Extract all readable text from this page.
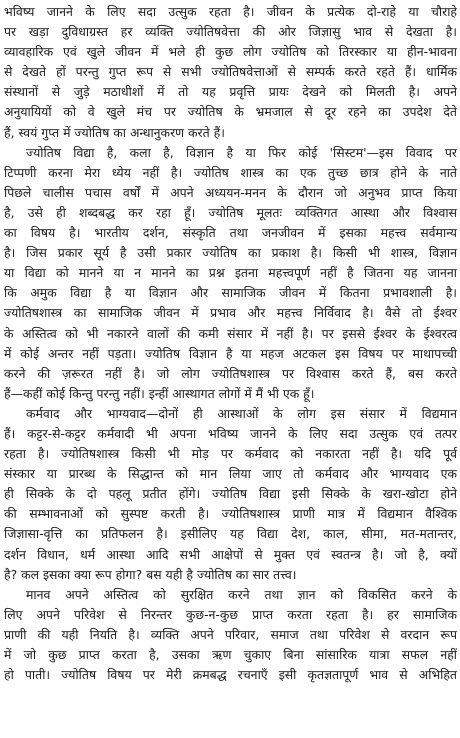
भविष्य जानने के लिए सदा उत्सुक रहता है। जीवन के प्रत्येक दो-राहे या चौराहे
पर खड़ा दुविधाग्रस्त हर व्यक्ति ज्योतिषवेत्ता की ओर जिज्ञासु भाव से देखता है।
व्यावहारिक एवं खुले जीवन में भले ही कुछ लोग ज्योतिष को तिरस्कार या हीन-भावना
से देखते हों परन्तु गुप्त रूप से सभी ज्योतिषवेत्ताओं से सम्पर्क करते रहते हैं। धार्मिक
संस्थानों से जुड़े मठाधीशों में तो यह प्रवृत्ति प्रायः देखने को मिलती है। अपने
अनुयायियों को वे खुले मंच पर ज्योतिष के भ्रमजाल से दूर रहने का उपदेश देते
हैं, स्वयं गुप्त में ज्योतिष का अन्धानुकरण करते हैं।
ज्योतिष विद्या है, कला है, विज्ञान है या फिर कोई 'सिस्टम'—इस विवाद पर
टिप्पणी करना मेरा ध्येय नहीं है। ज्योतिष शास्त्र का एक तुच्छ छात्र होने के नाते
पिछले चालीस पचास वर्षों में अपने अध्ययन-मनन के दौरान जो अनुभव प्राप्त किया
है, उसे ही शब्दबद्ध कर रहा हूँ। ज्योतिष मूलतः व्यक्तिगत आस्था और विश्वास
का विषय है। भारतीय दर्शन, संस्कृति तथा जनजीवन में इसका महत्त्व सर्वमान्य
है। जिस प्रकार सूर्य है उसी प्रकार ज्योतिष का प्रकाश है। किसी भी शास्त्र, विज्ञान
या विद्या को मानने या न मानने का प्रश्न इतना महत्त्वपूर्ण नहीं है जितना यह जानना
कि अमुक विद्या है या विज्ञान और सामाजिक जीवन में कितना प्रभावशाली है।
ज्योतिषशास्त्र का सामाजिक जीवन में प्रभाव और महत्त्व निर्विवाद है। वैसे तो ईश्वर
के अस्तित्व को भी नकारने वालों की कमी संसार में नहीं है। पर इससे ईश्वर के ईश्वरत्व
में कोई अन्तर नहीं पड़ता। ज्योतिष विज्ञान है या महज अटकल इस विषय पर माथापच्ची
करने की ज़रूरत नहीं है। जो लोग ज्योतिषशास्त्र पर विश्वास करते हैं, बस करते
हैं—कहीं कोई किन्तु परन्तु नहीं। इन्हीं आस्थागत लोगों में मैं भी एक हूँ।
कर्मवाद और भाग्यवाद—दोनों ही आस्थाओं के लोग इस संसार में विद्यमान
हैं। कट्टर-से-कट्टर कर्मवादी भी अपना भविष्य जानने के लिए सदा उत्सुक एवं तत्पर
रहता है। ज्योतिषशास्त्र किसी भी मोड़ पर कर्मवाद को नकारता नहीं है। यदि पूर्व
संस्कार या प्रारब्ध के सिद्धान्त को मान लिया जाए तो कर्मवाद और भाग्यवाद एक
ही सिक्के के दो पहलू प्रतीत होंगे। ज्योतिष विद्या इसी सिक्के के खरा-खोटा होने
की सम्भावनाओं को सुस्पष्ट करती है। ज्योतिषशास्त्र प्राणी मात्र में विद्यमान वैश्विक
जिज्ञासा-वृत्ति का प्रतिफलन है। इसीलिए यह विद्या देश, काल, सीमा, मत-मतान्तर,
दर्शन विधान, धर्म आस्था आदि सभी आक्षेपों से मुक्त एवं स्वतन्त्र है। जो है, क्यों
है? कल इसका क्या रूप होगा? बस यही है ज्योतिष का सार तत्त्व।
मानव अपने अस्तित्व को सुरक्षित करने तथा ज्ञान को विकसित करने के
लिए अपने परिवेश से निरन्तर कुछ-न-कुछ प्राप्त करता रहता है। हर सामाजिक
प्राणी की यही नियति है। व्यक्ति अपने परिवार, समाज तथा परिवेश से वरदान रूप
में जो कुछ प्राप्त करता है, उसका ऋण चुकाए बिना सांसारिक यात्रा सफल नहीं
हो पाती। ज्योतिष विषय पर मेरी क्रमबद्ध रचनाएँ इसी कृतज्ञतापूर्ण भाव से अभिहित
